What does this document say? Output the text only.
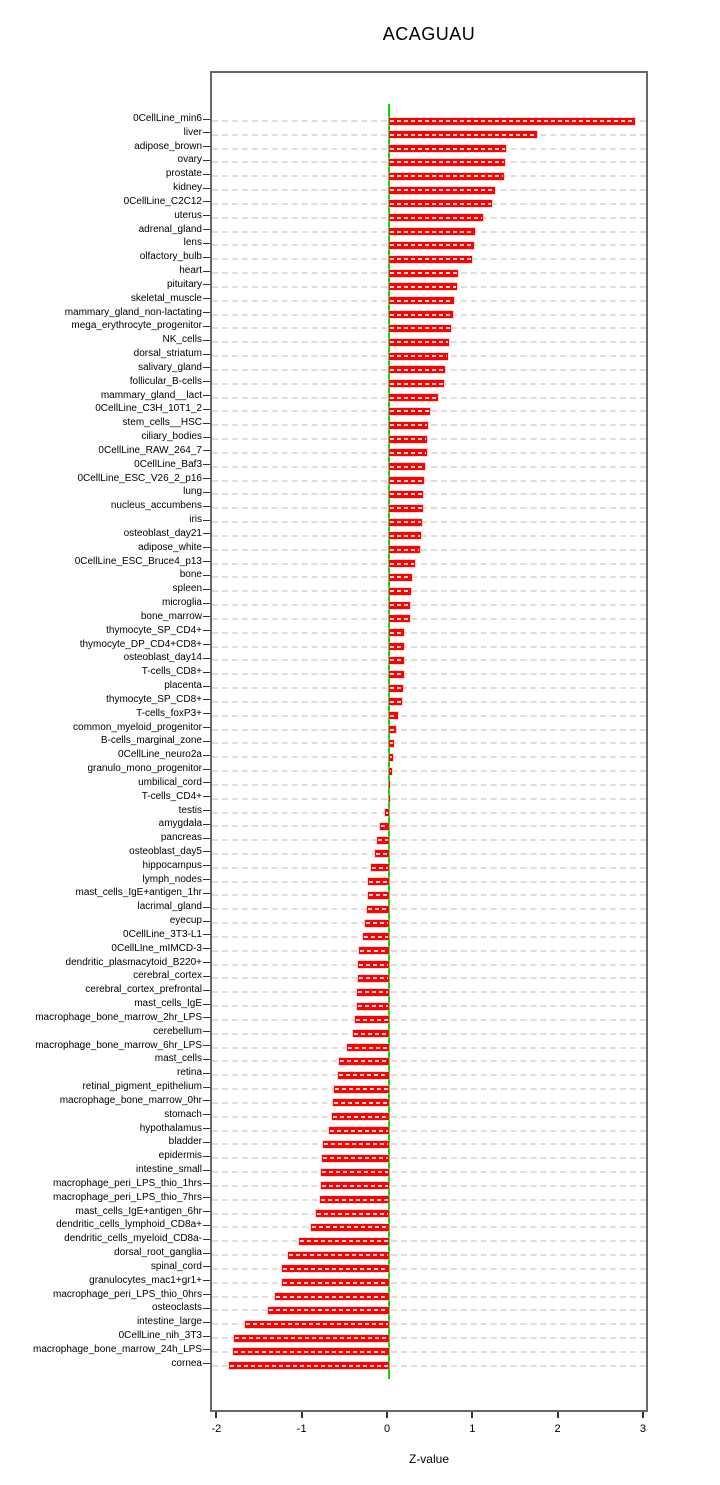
ACAGUAU
Z-value
0CellLine_min6
liver
adipose_brown
ovary
prostate
kidney
0CellLine_C2C12
uterus
adrenal_gland
lens
olfactory_bulb
heart
pituitary
skeletal_muscle
mammary_gland_non-lactating
mega_erythrocyte_progenitor
NK_cells
dorsal_striatum
salivary_gland
follicular_B-cells
mammary_gland__lact
0CellLine_C3H_10T1_2
stem_cells__HSC
ciliary_bodies
0CellLine_RAW_264_7
0CellLine_Baf3
0CellLine_ESC_V26_2_p16
lung
nucleus_accumbens
iris
osteoblast_day21
adipose_white
0CellLine_ESC_Bruce4_p13
bone
spleen
microglia
bone_marrow
thymocyte_SP_CD4+
thymocyte_DP_CD4+CD8+
osteoblast_day14
T-cells_CD8+
placenta
thymocyte_SP_CD8+
T-cells_foxP3+
common_myeloid_progenitor
B-cells_marginal_zone
0CellLine_neuro2a
granulo_mono_progenitor
umbilical_cord
T-cells_CD4+
testis
amygdala
pancreas
osteoblast_day5
hippocampus
lymph_nodes
mast_cells_IgE+antigen_1hr
lacrimal_gland
eyecup
0CellLine_3T3-L1
0CellLIne_mIMCD-3
dendritic_plasmacytoid_B220+
cerebral_cortex
cerebral_cortex_prefrontal
mast_cells_IgE
macrophage_bone_marrow_2hr_LPS
cerebellum
macrophage_bone_marrow_6hr_LPS
mast_cells
retina
retinal_pigment_epithelium
macrophage_bone_marrow_0hr
stomach
hypothalamus
bladder
epidermis
intestine_small
macrophage_peri_LPS_thio_1hrs
macrophage_peri_LPS_thio_7hrs
mast_cells_IgE+antigen_6hr
dendritic_cells_lymphoid_CD8a+
dendritic_cells_myeloid_CD8a-
dorsal_root_ganglia
spinal_cord
granulocytes_mac1+gr1+
macrophage_peri_LPS_thio_0hrs
osteoclasts
intestine_large
0CellLine_nih_3T3
macrophage_bone_marrow_24h_LPS
cornea
-2	-1	0	1	2	3
